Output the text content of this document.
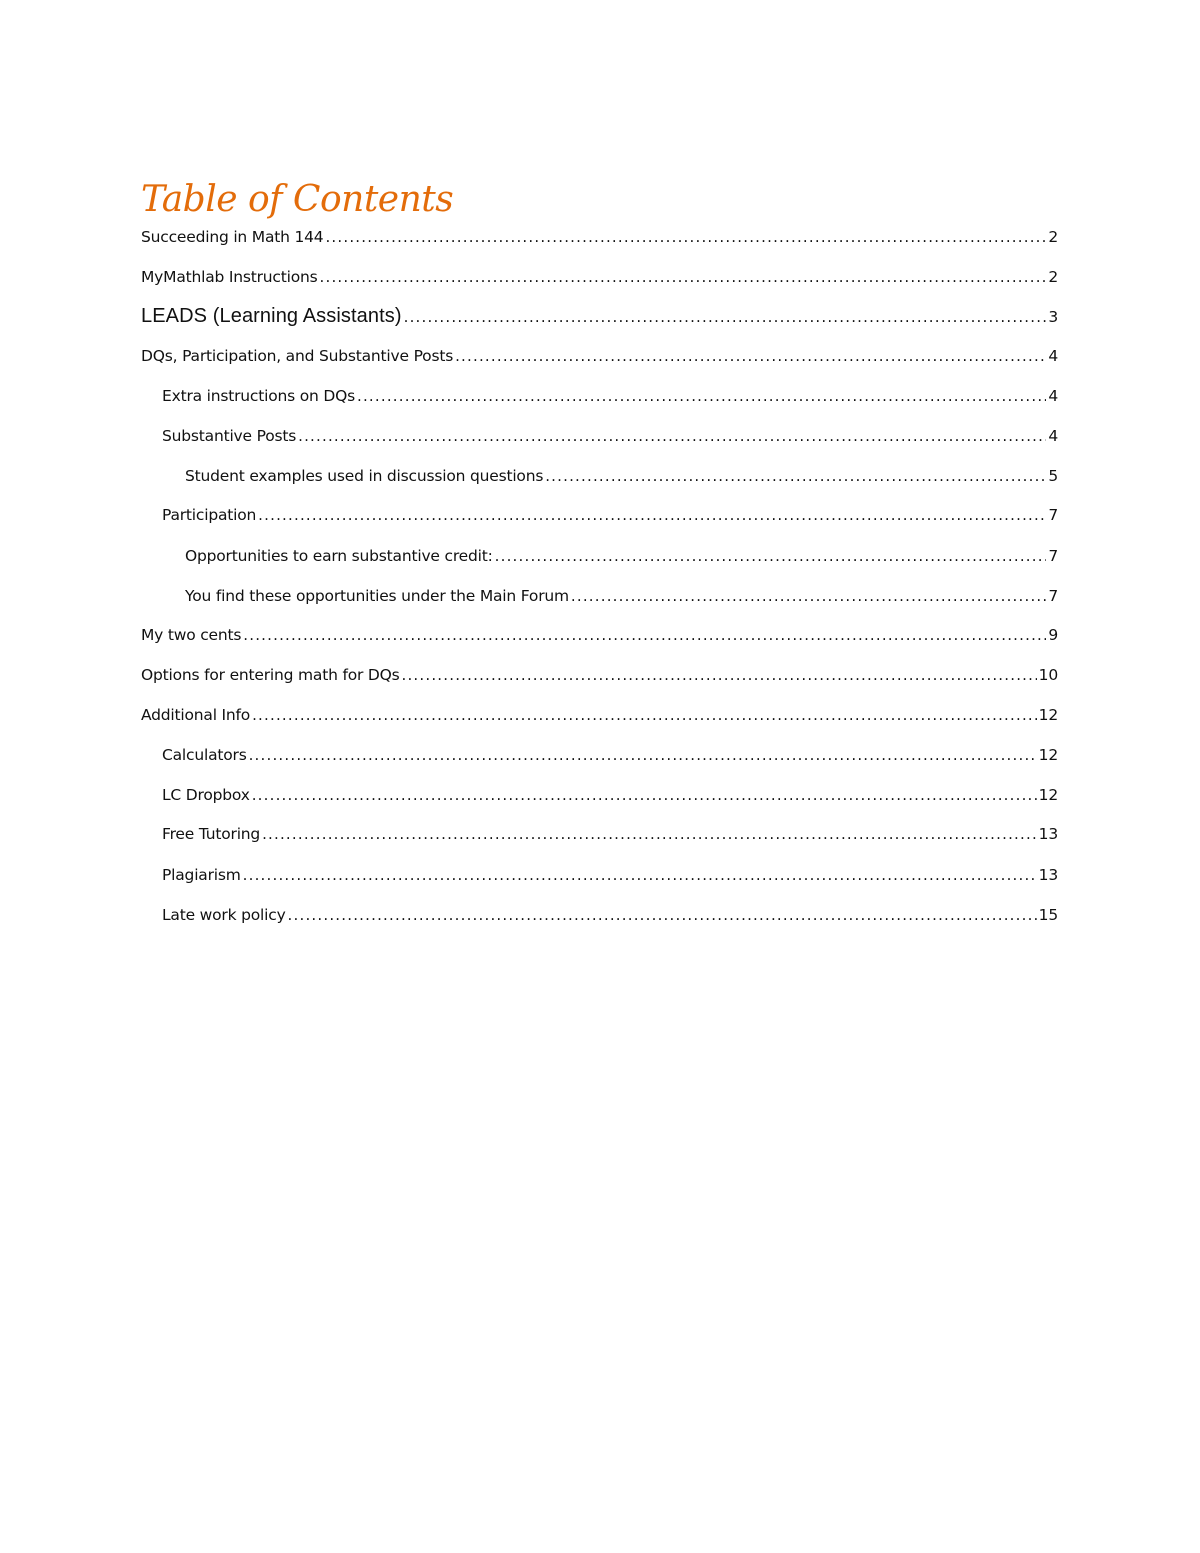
Table of Contents
Succeeding in Math 144 .....	2
MyMathlab Instructions .....	2
LEADS (Learning Assistants) .....	3
DQs, Participation, and Substantive Posts .....	4
Extra instructions on DQs .....	4
Substantive Posts .....	4
Student examples used in discussion questions .....	5
Participation .....	7
Opportunities to earn substantive credit: .....	7
You find these opportunities under the Main Forum .....	7
My two cents .....	9
Options for entering math for DQs .....	10
Additional Info .....	12
Calculators .....	12
LC Dropbox .....	12
Free Tutoring .....	13
Plagiarism .....	13
Late work policy .....	15
